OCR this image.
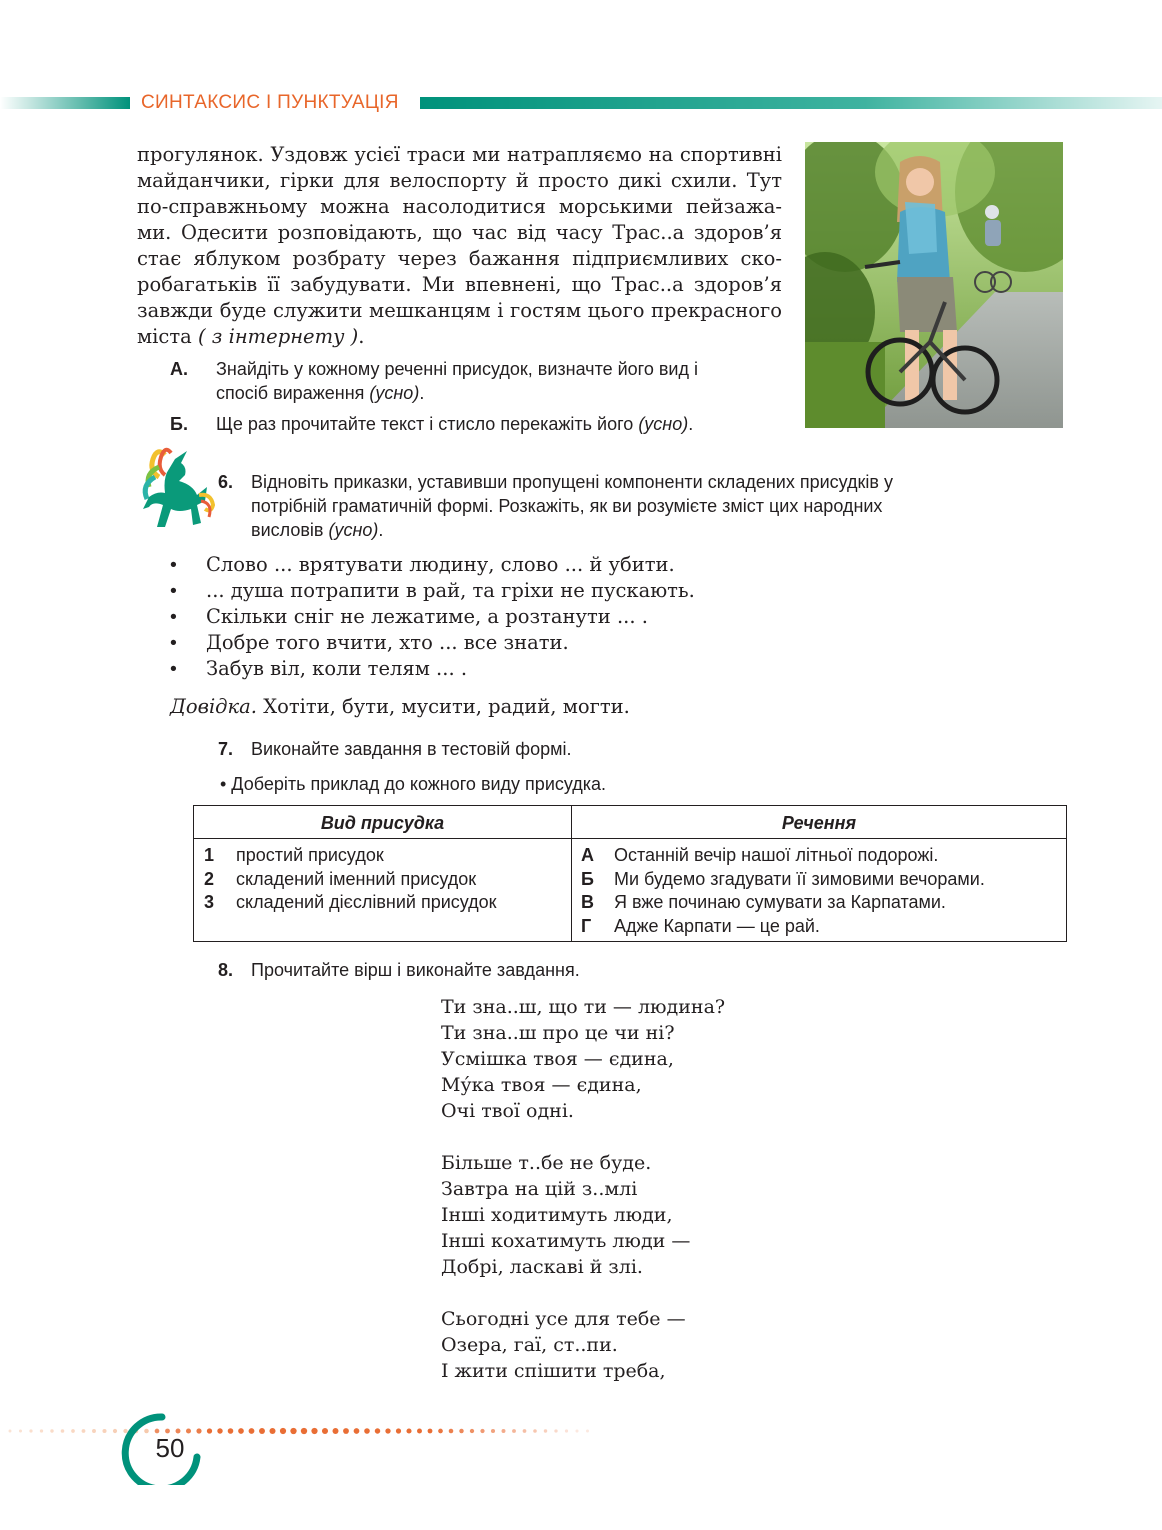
СИНТАКСИС І ПУНКТУАЦІЯ

прогулянок. Уздовж усієї траси ми натрапляємо на спортивні

майданчики, гірки для велоспорту й просто дикі схили. Тут

по-справжньому можна насолодитися морськими пейзажа-

ми. Одесити розповідають, що час від часу Трас..а здоров’я

стає яблуком розбрату через бажання підприємливих ско-

робагатьків її забудувати. Ми впевнені, що Трас..а здоров’я

завжди буде служити мешканцям і гостям цього прекрасного

міста ( з інтернету ).

А. Знайдіть у кожному реченні присудок, визначте його вид і
спосіб вираження (усно).
Б. Ще раз прочитайте текст і стисло перекажіть його (усно).
6. Відновіть приказки, уставивши пропущені компоненти складених присудків у
потрібній граматичній формі. Розкажіть, як ви розумієте зміст цих народних
висловів (усно).
• Слово ... врятувати людину, слово ... й убити.
• ... душа потрапити в рай, та гріхи не пускають.
• Скільки сніг не лежатиме, а розтанути ... .
• Добре того вчити, хто ... все знати.
• Забув віл, коли телям ... .
Довідка. Хотіти, бути, мусити, радий, могти.
7. Виконайте завдання в тестовій формі.
• Доберіть приклад до кожного виду присудка.
Вид присудка	Речення
1 простий присудок
2 складений іменний присудок
3 складений дієслівний присудок
А Останній вечір нашої літньої подорожі.
Б Ми будемо згадувати її зимовими вечорами.
В Я вже починаю сумувати за Карпатами.
Г Адже Карпати — це рай.
8. Прочитайте вірш і виконайте завдання.
Ти зна..ш, що ти — людина?
Ти зна..ш про це чи ні?
Усмішка твоя — єдина,
Му́ка твоя — єдина,
Очі твої одні.
Більше т..бе не буде.
Завтра на цій з..млі
Інші ходитимуть люди,
Інші кохатимуть люди —
Добрі, ласкаві й злі.
Сьогодні усе для тебе —
Озера, гаї, ст..пи.
І жити спішити треба,
50
